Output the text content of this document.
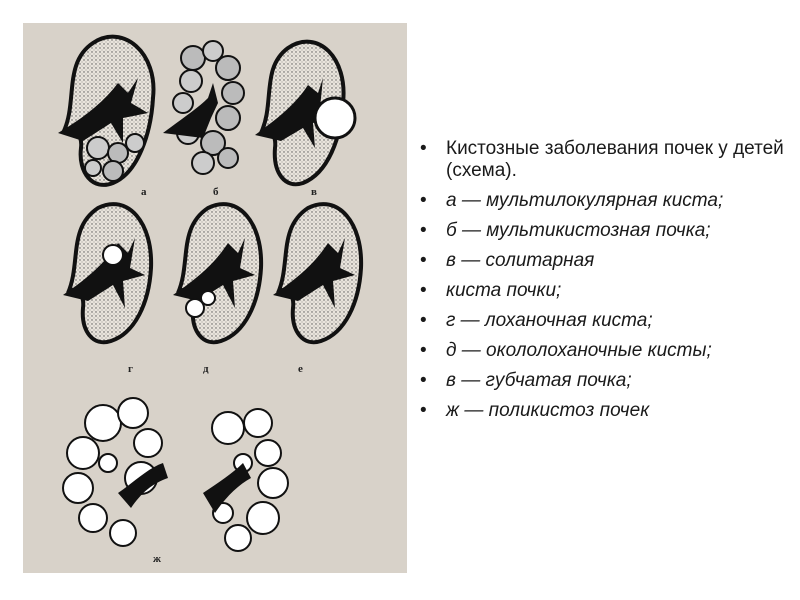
а	б	в
г	д	е
ж
• Кистозные заболевания почек у детей (схема).
• а — мультилокулярная киста;
• б — мультикистозная почка;
• в — солитарная
• киста почки;
• г — лоханочная киста;
• д — окололоханочные кисты;
• в — губчатая почка;
• ж — поликистоз почек
